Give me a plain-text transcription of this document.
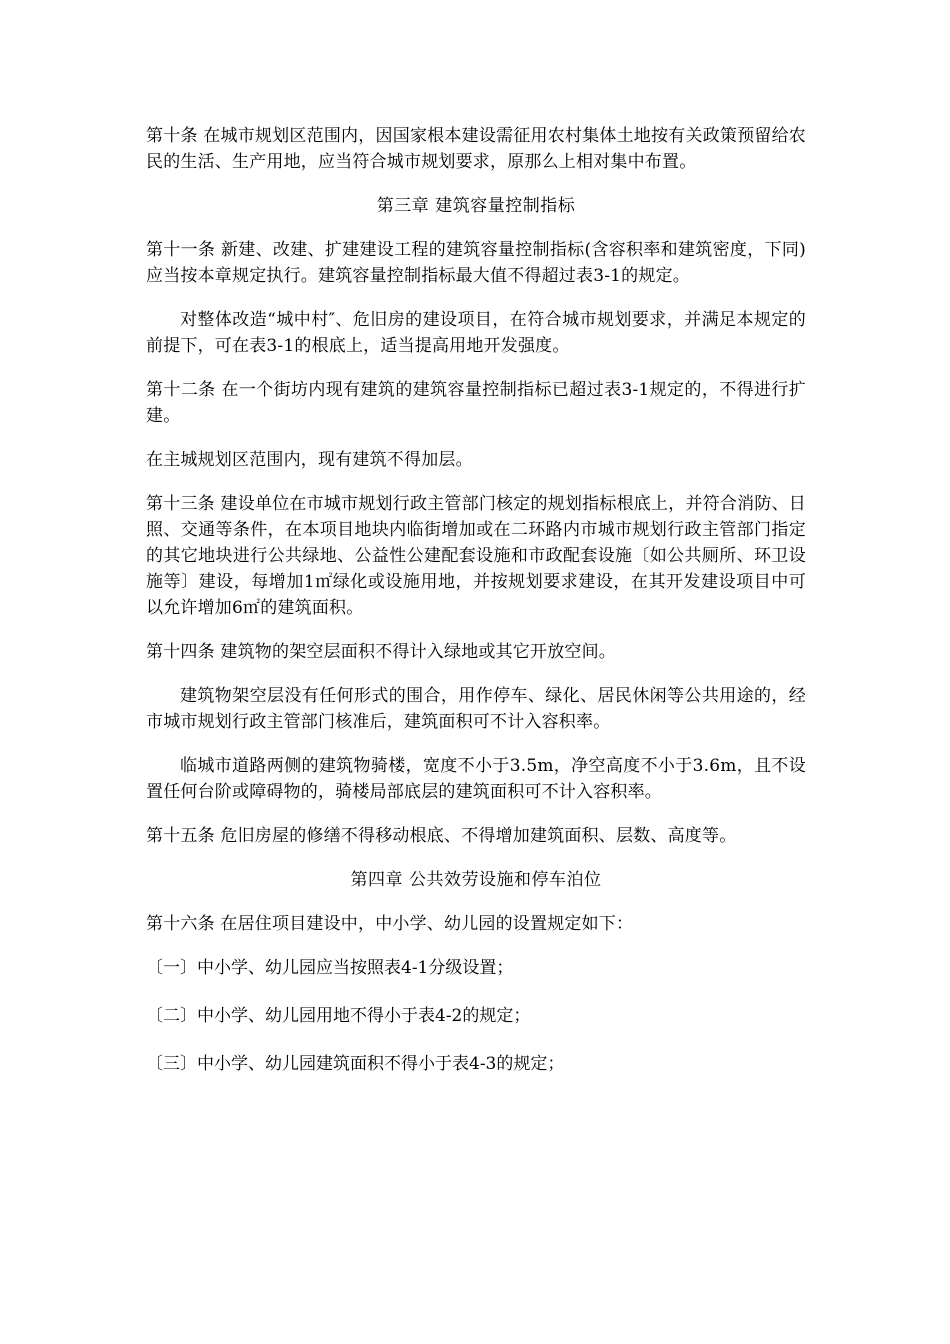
第十条 在城市规划区范围内，因国家根本建设需征用农村集体土地按有关政策预留给农民的生活、生产用地，应当符合城市规划要求，原那么上相对集中布置。

第三章 建筑容量控制指标

第十一条 新建、改建、扩建建设工程的建筑容量控制指标(含容积率和建筑密度，下同)应当按本章规定执行。建筑容量控制指标最大值不得超过表3-1的规定。

对整体改造“城中村″、危旧房的建设项目，在符合城市规划要求，并满足本规定的前提下，可在表3-1的根底上，适当提高用地开发强度。

第十二条 在一个街坊内现有建筑的建筑容量控制指标已超过表3-1规定的，不得进行扩建。

在主城规划区范围内，现有建筑不得加层。

第十三条 建设单位在市城市规划行政主管部门核定的规划指标根底上，并符合消防、日照、交通等条件，在本项目地块内临街增加或在二环路内市城市规划行政主管部门指定的其它地块进行公共绿地、公益性公建配套设施和市政配套设施〔如公共厕所、环卫设施等〕建设，每增加1㎡绿化或设施用地，并按规划要求建设，在其开发建设项目中可以允许增加6㎡的建筑面积。

第十四条 建筑物的架空层面积不得计入绿地或其它开放空间。

建筑物架空层没有任何形式的围合，用作停车、绿化、居民休闲等公共用途的，经市城市规划行政主管部门核准后，建筑面积可不计入容积率。

临城市道路两侧的建筑物骑楼，宽度不小于3.5m，净空高度不小于3.6m，且不设置任何台阶或障碍物的，骑楼局部底层的建筑面积可不计入容积率。

第十五条 危旧房屋的修缮不得移动根底、不得增加建筑面积、层数、高度等。

第四章 公共效劳设施和停车泊位

第十六条 在居住项目建设中，中小学、幼儿园的设置规定如下：

〔一〕中小学、幼儿园应当按照表4-1分级设置；

〔二〕中小学、幼儿园用地不得小于表4-2的规定；

〔三〕中小学、幼儿园建筑面积不得小于表4-3的规定；
